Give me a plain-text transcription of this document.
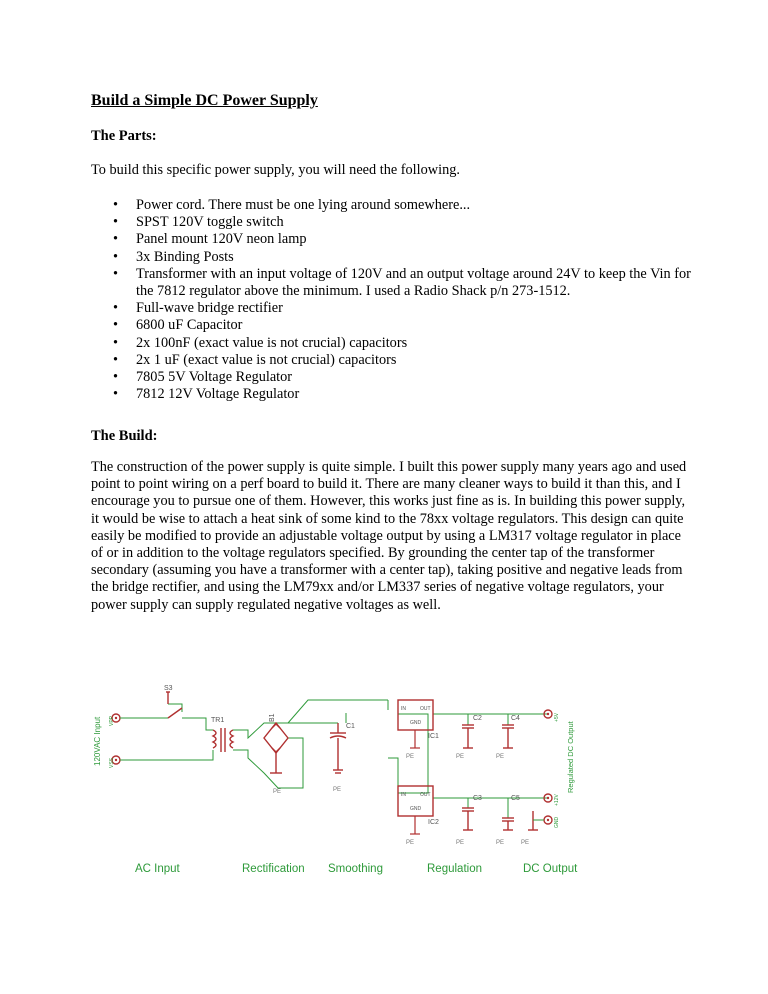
Build a Simple DC Power Supply
The Parts:

To build this specific power supply, you will need the following.

• Power cord. There must be one lying around somewhere...
• SPST 120V toggle switch
• Panel mount 120V neon lamp
• 3x Binding Posts
• Transformer with an input voltage of 120V and an output voltage around 24V to keep the Vin for the 7812 regulator above the minimum. I used a Radio Shack p/n 273-1512.
• Full-wave bridge rectifier
• 6800 uF Capacitor
• 2x 100nF (exact value is not crucial) capacitors
• 2x 1 uF (exact value is not crucial) capacitors
• 7805 5V Voltage Regulator
• 7812 12V Voltage Regulator
The Build:

The construction of the power supply is quite simple. I built this power supply many years ago and used point to point wiring on a perf board to build it. There are many cleaner ways to build it than this, and I encourage you to pursue one of them. However, this works just fine as is. In building this power supply, it would be wise to attach a heat sink of some kind to the 78xx voltage regulators. This design can quite easily be modified to provide an adjustable voltage output by using a LM317 voltage regulator in place of or in addition to the voltage regulators specified. By grounding the center tap of the transformer secondary (assuming you have a transformer with a center tap), taking positive and negative leads from the bridge rectifier, and using the LM79xx and/or LM337 series of negative voltage regulators, your power supply can supply regulated negative voltages as well.

120VAC Input VPP
VSS
S3
TR1	B1
C1
IN	OUT
GND
IC1
IN	OUT
GND
IC2
C2	C4
C3	C5
PE	PE
PE	PE	PE
PE	PE	PE	PE
+5V
+12V
GND
Regulated DC Output
AC Input	Rectification Smoothing	Regulation	DC Output
